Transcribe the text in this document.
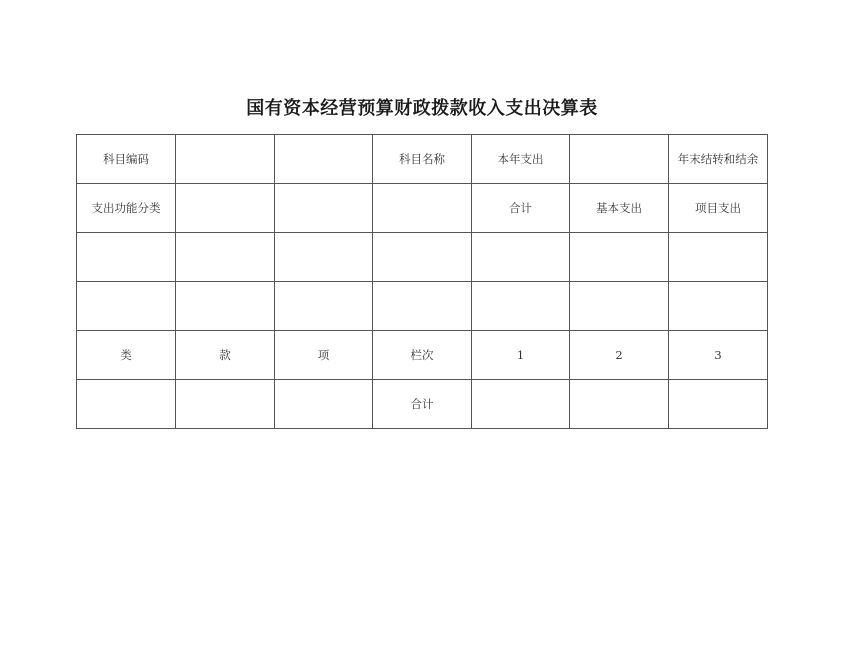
国有资本经营预算财政拨款收入支出决算表
科目编码			科目名称	本年支出		年末结转和结余
支出功能分类				合计	基本支出	项目支出

类	款	项	栏次	1	2	3
			合计			
